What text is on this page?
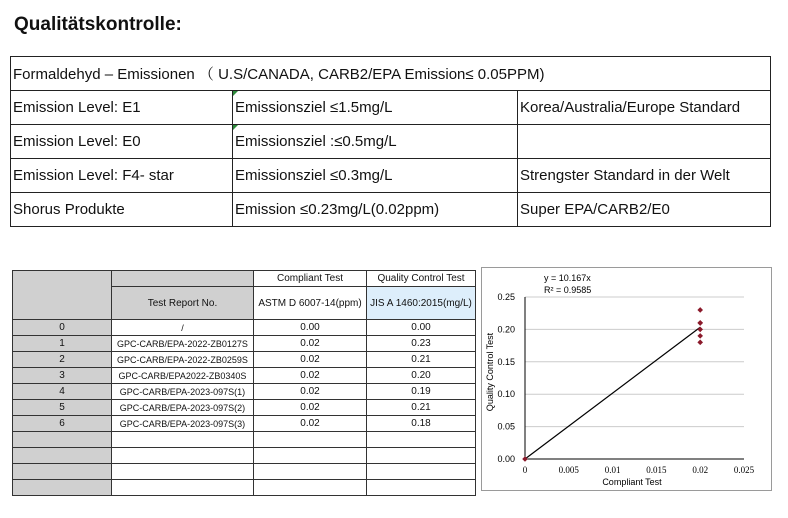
Qualitätskontrolle:
Formaldehyd – Emissionen （ U.S/CANADA, CARB2/EPA Emission≤ 0.05PPM)		
Emission Level: E1	Emissionsziel ≤1.5mg/L	Korea/Australia/Europe Standard
Emission Level: E0	Emissionsziel :≤0.5mg/L	
Emission Level: F4- star	Emissionsziel ≤0.3mg/L	Strengster Standard in der Welt
Shorus Produkte	Emission ≤0.23mg/L(0.02ppm)	Super EPA/CARB2/E0
		Compliant Test	Quality Control Test
	Test Report No.	ASTM D 6007-14(ppm)	JIS A 1460:2015(mg/L)
0	/	0.00	0.00
1	GPC-CARB/EPA-2022-ZB0127S	0.02	0.23
2	GPC-CARB/EPA-2022-ZB0259S	0.02	0.21
3	GPC-CARB/EPA2022-ZB0340S	0.02	0.20
4	GPC-CARB/EPA-2023-097S(1)	0.02	0.19
5	GPC-CARB/EPA-2023-097S(2)	0.02	0.21
6	GPC-CARB/EPA-2023-097S(3)	0.02	0.18

y = 10.167x
R² = 0.9585
Compliant Test
Quality Control Test
0.00
0.05
0.10
0.15
0.20
0.25
0	0.005	0.01	0.015	0.02	0.025
